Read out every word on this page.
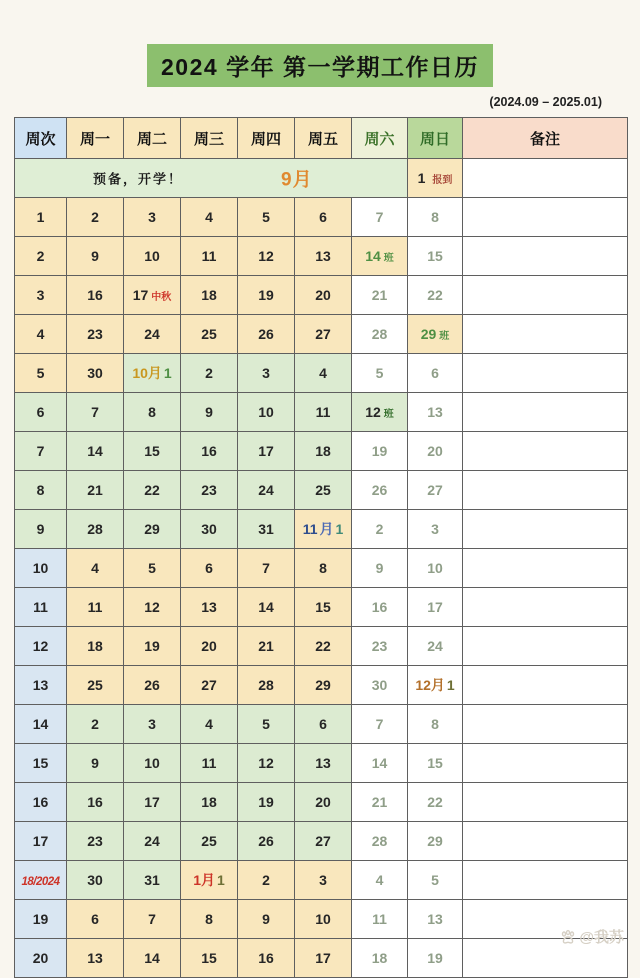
2024 学年 第一学期工作日历
(2024.09 – 2025.01)
周次	周一	周二	周三	周四	周五	周六	周日	备注

预备，开学！ 9月							1 报到	
1	2	3	4	5	6	7	8	
2	9	10	11	12	13	14 班	15	
3	16	17 中秋	18	19	20	21	22	
4	23	24	25	26	27	28	29 班	
5	30	10月 1	2	3	4	5	6	
6	7	8	9	10	11	12 班	13	
7	14	15	16	17	18	19	20	
8	21	22	23	24	25	26	27	
9	28	29	30	31	11 月 1	2	3	
10	4	5	6	7	8	9	10	
11	11	12	13	14	15	16	17	
12	18	19	20	21	22	23	24	
13	25	26	27	28	29	30	12月 1	
14	2	3	4	5	6	7	8	
15	9	10	11	12	13	14	15	
16	16	17	18	19	20	21	22	
17	23	24	25	26	27	28	29	
18/2024	30	31	1月 1	2	3	4	5	
19	6	7	8	9	10	11	13	
20	13	14	15	16	17	18	19	
@我苏
